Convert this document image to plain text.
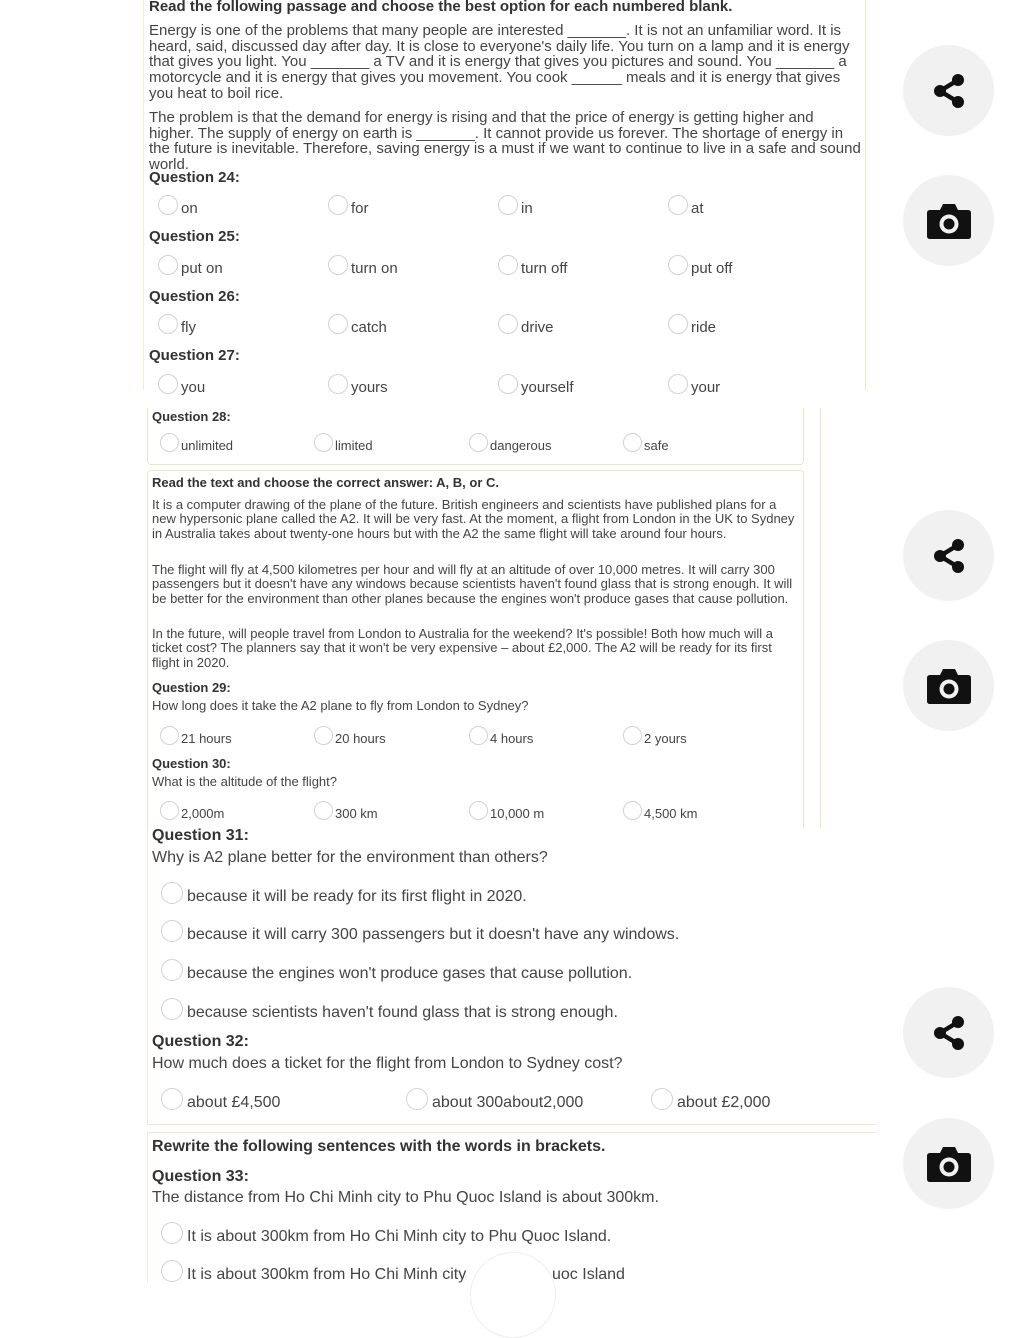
Read the following passage and choose the best option for each numbered blank.
Energy is one of the problems that many people are interested _______. It is not an unfamiliar word. It is heard, said, discussed day after day. It is close to everyone's daily life. You turn on a lamp and it is energy that gives you light. You _______ a TV and it is energy that gives you pictures and sound. You _______ a motorcycle and it is energy that gives you movement. You cook ______ meals and it is energy that gives you heat to boil rice.
The problem is that the demand for energy is rising and that the price of energy is getting higher and higher. The supply of energy on earth is _______. It cannot provide us forever. The shortage of energy in the future is inevitable. Therefore, saving energy is a must if we want to continue to live in a safe and sound world.
Question 24:
on	for	in	at
Question 25:
put on	turn on	turn off	put off
Question 26:
fly	catch	drive	ride
Question 27:
you	yours	yourself	your
Question 28:
unlimited	limited	dangerous	safe
Read the text and choose the correct answer: A, B, or C.
It is a computer drawing of the plane of the future. British engineers and scientists have published plans for a new hypersonic plane called the A2. It will be very fast. At the moment, a flight from London in the UK to Sydney in Australia takes about twenty-one hours but with the A2 the same flight will take around four hours.
The flight will fly at 4,500 kilometres per hour and will fly at an altitude of over 10,000 metres. It will carry 300 passengers but it doesn't have any windows because scientists haven't found glass that is strong enough. It will be better for the environment than other planes because the engines won't produce gases that cause pollution.
In the future, will people travel from London to Australia for the weekend? It's possible! Both how much will a ticket cost? The planners say that it won't be very expensive – about £2,000. The A2 will be ready for its first flight in 2020.
Question 29:
How long does it take the A2 plane to fly from London to Sydney?
21 hours	20 hours	4 hours	2 yours
Question 30:
What is the altitude of the flight?
2,000m	300 km	10,000 m	4,500 km
Question 31:
Why is A2 plane better for the environment than others?
because it will be ready for its first flight in 2020.
because it will carry 300 passengers but it doesn't have any windows.
because the engines won't produce gases that cause pollution.
because scientists haven't found glass that is strong enough.
Question 32:
How much does a ticket for the flight from London to Sydney cost?
about £4,500	about 300about2,000	about £2,000
Rewrite the following sentences with the words in brackets.
Question 33:
The distance from Ho Chi Minh city to Phu Quoc Island is about 300km.
It is about 300km from Ho Chi Minh city to Phu Quoc Island.
It is about 300km from Ho Chi Minh city	uoc Island
